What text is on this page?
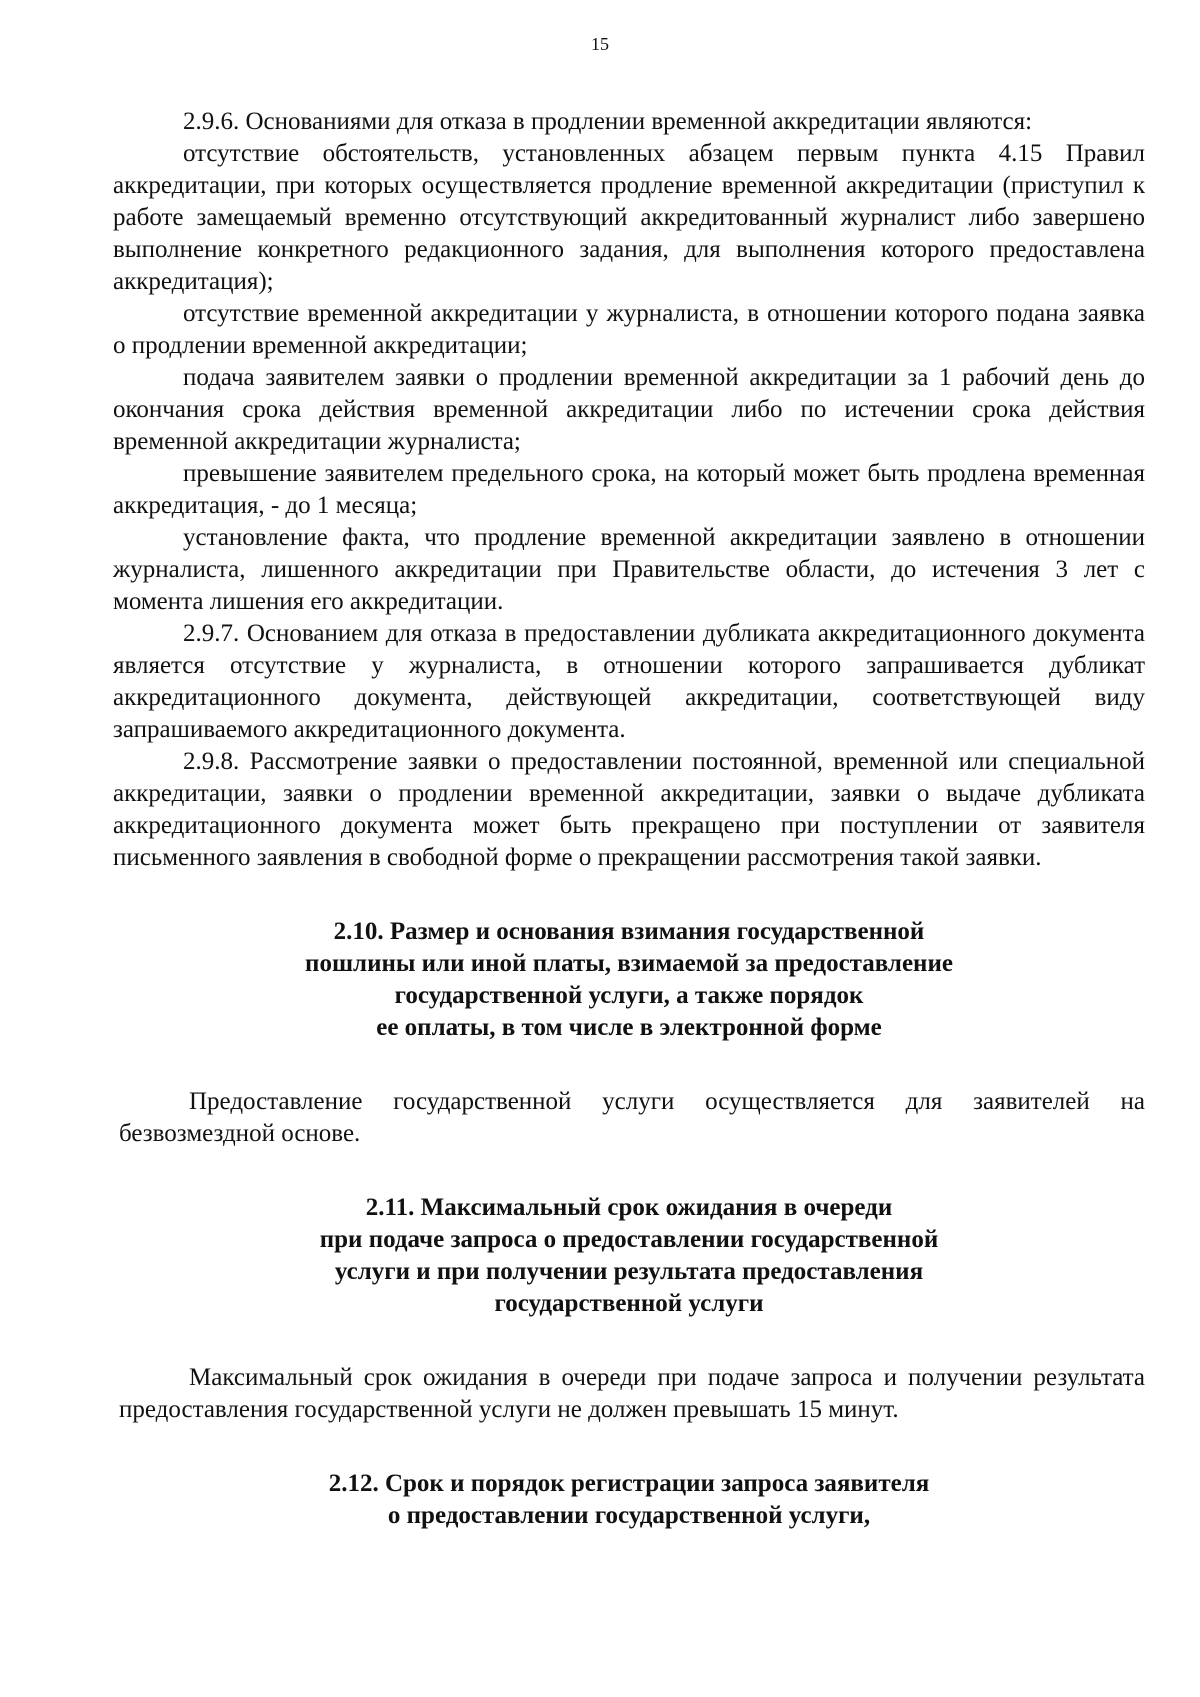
15

2.9.6. Основаниями для отказа в продлении временной аккредитации являются:

отсутствие обстоятельств, установленных абзацем первым пункта 4.15 Правил аккредитации, при которых осуществляется продление временной аккредитации (приступил к работе замещаемый временно отсутствующий аккредитованный журналист либо завершено выполнение конкретного редакционного задания, для выполнения которого предоставлена аккредитация);

отсутствие временной аккредитации у журналиста, в отношении которого подана заявка о продлении временной аккредитации;

подача заявителем заявки о продлении временной аккредитации за 1 рабочий день до окончания срока действия временной аккредитации либо по истечении срока действия временной аккредитации журналиста;

превышение заявителем предельного срока, на который может быть продлена временная аккредитация, - до 1 месяца;

установление факта, что продление временной аккредитации заявлено в отношении журналиста, лишенного аккредитации при Правительстве области, до истечения 3 лет с момента лишения его аккредитации.

2.9.7. Основанием для отказа в предоставлении дубликата аккредитационного документа является отсутствие у журналиста, в отношении которого запрашивается дубликат аккредитационного документа, действующей аккредитации, соответствующей виду запрашиваемого аккредитационного документа.

2.9.8. Рассмотрение заявки о предоставлении постоянной, временной или специальной аккредитации, заявки о продлении временной аккредитации, заявки о выдаче дубликата аккредитационного документа может быть прекращено при поступлении от заявителя письменного заявления в свободной форме о прекращении рассмотрения такой заявки.

2.10. Размер и основания взимания государственной
пошлины или иной платы, взимаемой за предоставление
государственной услуги, а также порядок
ее оплаты, в том числе в электронной форме

Предоставление государственной услуги осуществляется для заявителей на безвозмездной основе.

2.11. Максимальный срок ожидания в очереди
при подаче запроса о предоставлении государственной
услуги и при получении результата предоставления
государственной услуги

Максимальный срок ожидания в очереди при подаче запроса и получении результата предоставления государственной услуги не должен превышать 15 минут.

2.12. Срок и порядок регистрации запроса заявителя
о предоставлении государственной услуги,
